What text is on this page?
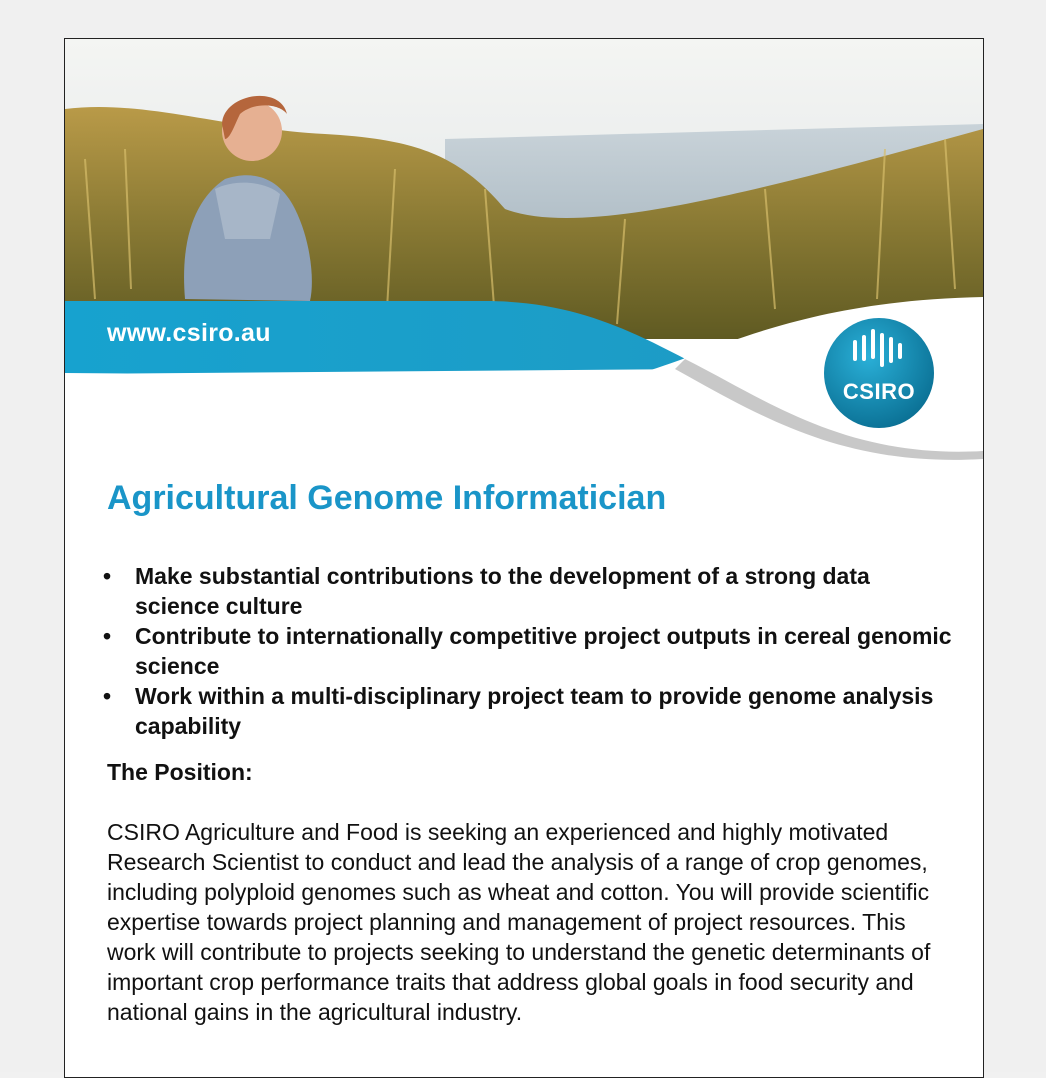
www.csiro.au
CSIRO
Agricultural Genome Informatician
• Make substantial contributions to the development of a strong data science culture
• Contribute to internationally competitive project outputs in cereal genomic science
• Work within a multi-disciplinary project team to provide genome analysis capability
The Position:

CSIRO Agriculture and Food is seeking an experienced and highly motivated Research Scientist to conduct and lead the analysis of a range of crop genomes, including polyploid genomes such as wheat and cotton. You will provide scientific expertise towards project planning and management of project resources. This work will contribute to projects seeking to understand the genetic determinants of important crop performance traits that address global goals in food security and national gains in the agricultural industry.
